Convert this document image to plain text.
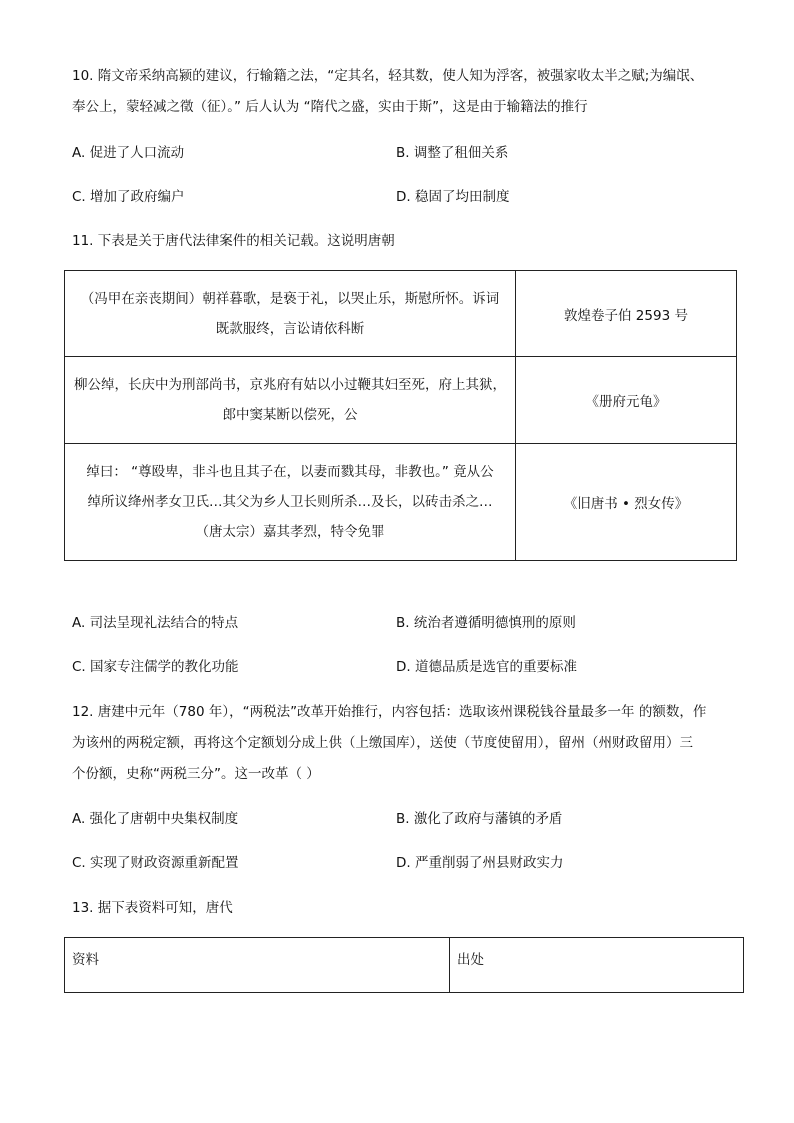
10. 隋文帝采纳高颍的建议，行输籍之法，“定其名，轻其数，使人知为浮客，被强家收太半之赋;为编氓、
奉公上，蒙轻减之徵（征）。” 后人认为 “隋代之盛，实由于斯”，这是由于输籍法的推行
A. 促进了人口流动	B. 调整了租佃关系
C. 增加了政府编户	D. 稳固了均田制度
11. 下表是关于唐代法律案件的相关记载。这说明唐朝
（冯甲在亲丧期间）朝祥暮歌，是亵于礼，以哭止乐，斯慰所怀。诉词
既款服终，言讼请依科断	敦煌卷子伯 2593 号

柳公绰，长庆中为刑部尚书，京兆府有姑以小过鞭其妇至死，府上其狱，
郎中窦某断以偿死，公	《册府元龟》

绰曰： “尊殴卑，非斗也且其子在，以妻而戮其母，非教也。” 竟从公
绰所议绛州孝女卫氏…其父为乡人卫长则所杀…及长，以砖击杀之…
（唐太宗）嘉其孝烈，特令免罪	《旧唐书 • 烈女传》
A. 司法呈现礼法结合的特点	B. 统治者遵循明德慎刑的原则
C. 国家专注儒学的教化功能	D. 道德品质是选官的重要标准
12. 唐建中元年（780 年），“两税法”改革开始推行，内容包括：选取该州课税钱谷量最多一年 的额数，作
为该州的两税定额，再将这个定额划分成上供（上缴国库），送使（节度使留用），留州（州财政留用）三
个份额，史称“两税三分”。这一改革（ ）
A. 强化了唐朝中央集权制度	B. 激化了政府与藩镇的矛盾
C. 实现了财政资源重新配置	D. 严重削弱了州县财政实力
13. 据下表资料可知，唐代
资料	出处
